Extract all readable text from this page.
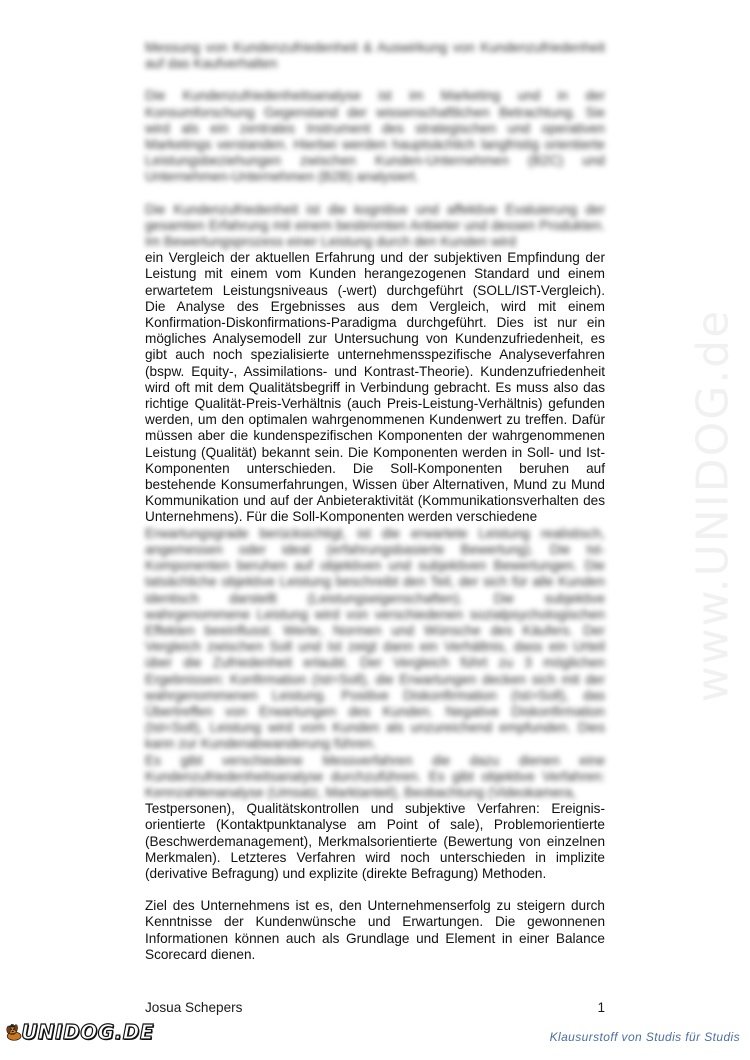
www.UNIDOG.de

Messung von Kundenzufriedenheit & Auswirkung von Kundenzufriedenheit auf das Kaufverhalten

Die Kundenzufriedenheitsanalyse ist im Marketing und in der Konsumforschung Gegenstand der wissenschaftlichen Betrachtung. Sie wird als ein zentrales Instrument des strategischen und operativen Marketings verstanden. Hierbei werden hauptsächlich langfristig orientierte Leistungsbeziehungen zwischen Kunden-Unternehmen (B2C) und Unternehmen-Unternehmen (B2B) analysiert.

Die Kundenzufriedenheit ist die kognitive und affektive Evaluierung der gesamten Erfahrung mit einem bestimmten Anbieter und dessen Produkten. Im Bewertungsprozess einer Leistung durch den Kunden wird

ein Vergleich der aktuellen Erfahrung und der subjektiven Empfindung der Leistung mit einem vom Kunden herangezogenen Standard und einem erwartetem Leistungsniveaus (-wert) durchgeführt (SOLL/IST-Vergleich). Die Analyse des Ergebnisses aus dem Vergleich, wird mit einem Konfirmation-Diskonfirmations-Paradigma durchgeführt. Dies ist nur ein mögliches Analysemodell zur Untersuchung von Kundenzufriedenheit, es gibt auch noch spezialisierte unternehmensspezifische Analyseverfahren (bspw. Equity-, Assimilations- und Kontrast-Theorie). Kundenzufriedenheit wird oft mit dem Qualitätsbegriff in Verbindung gebracht. Es muss also das richtige Qualität-Preis-Verhältnis (auch Preis-Leistung-Verhältnis) gefunden werden, um den optimalen wahrgenommenen Kundenwert zu treffen. Dafür müssen aber die kundenspezifischen Komponenten der wahrgenommenen Leistung (Qualität) bekannt sein. Die Komponenten werden in Soll- und Ist-Komponenten unterschieden. Die Soll-Komponenten beruhen auf bestehende Konsumerfahrungen, Wissen über Alternativen, Mund zu Mund Kommunikation und auf der Anbieteraktivität (Kommunikationsverhalten des Unternehmens). Für die Soll-Komponenten werden verschiedene

Erwartungsgrade berücksichtigt, ist die erwartete Leistung realistisch, angemessen oder ideal (erfahrungsbasierte Bewertung). Die Ist-Komponenten beruhen auf objektiven und subjektiven Bewertungen. Die tatsächliche objektive Leistung beschreibt den Teil, der sich für alle Kunden identisch darstellt (Leistungseigenschaften). Die subjektive wahrgenommene Leistung wird von verschiedenen sozialpsychologischen Effekten beeinflusst. Werte, Normen und Wünsche des Käufers. Der Vergleich zwischen Soll und Ist zeigt dann ein Verhältnis, dass ein Urteil über die Zufriedenheit erlaubt. Der Vergleich führt zu 3 möglichen Ergebnissen: Konfirmation (Ist=Soll), die Erwartungen decken sich mit der wahrgenommenen Leistung. Positive Diskonfirmation (Ist>Soll), das Übertreffen von Erwartungen des Kunden. Negative Diskonfirmation (Ist<Soll), Leistung wird vom Kunden als unzureichend empfunden. Dies kann zur Kundenabwanderung führen.

Es gibt verschiedene Messverfahren die dazu dienen eine Kundenzufriedenheitsanalyse durchzuführen. Es gibt objektive Verfahren: Kennzahlenanalyse (Umsatz, Marktanteil), Beobachtung (Videokamera,

Testpersonen), Qualitätskontrollen und subjektive Verfahren: Ereignis-orientierte (Kontaktpunktanalyse am Point of sale), Problemorientierte (Beschwerdemanagement), Merkmalsorientierte (Bewertung von einzelnen Merkmalen). Letzteres Verfahren wird noch unterschieden in implizite (derivative Befragung) und explizite (direkte Befragung) Methoden.

Ziel des Unternehmens ist es, den Unternehmenserfolg zu steigern durch Kenntnisse der Kundenwünsche und Erwartungen. Die gewonnenen Informationen können auch als Grundlage und Element in einer Balance Scorecard dienen.

Josua Schepers	1
UNIDOG.DE	Klausurstoff von Studis für Studis
